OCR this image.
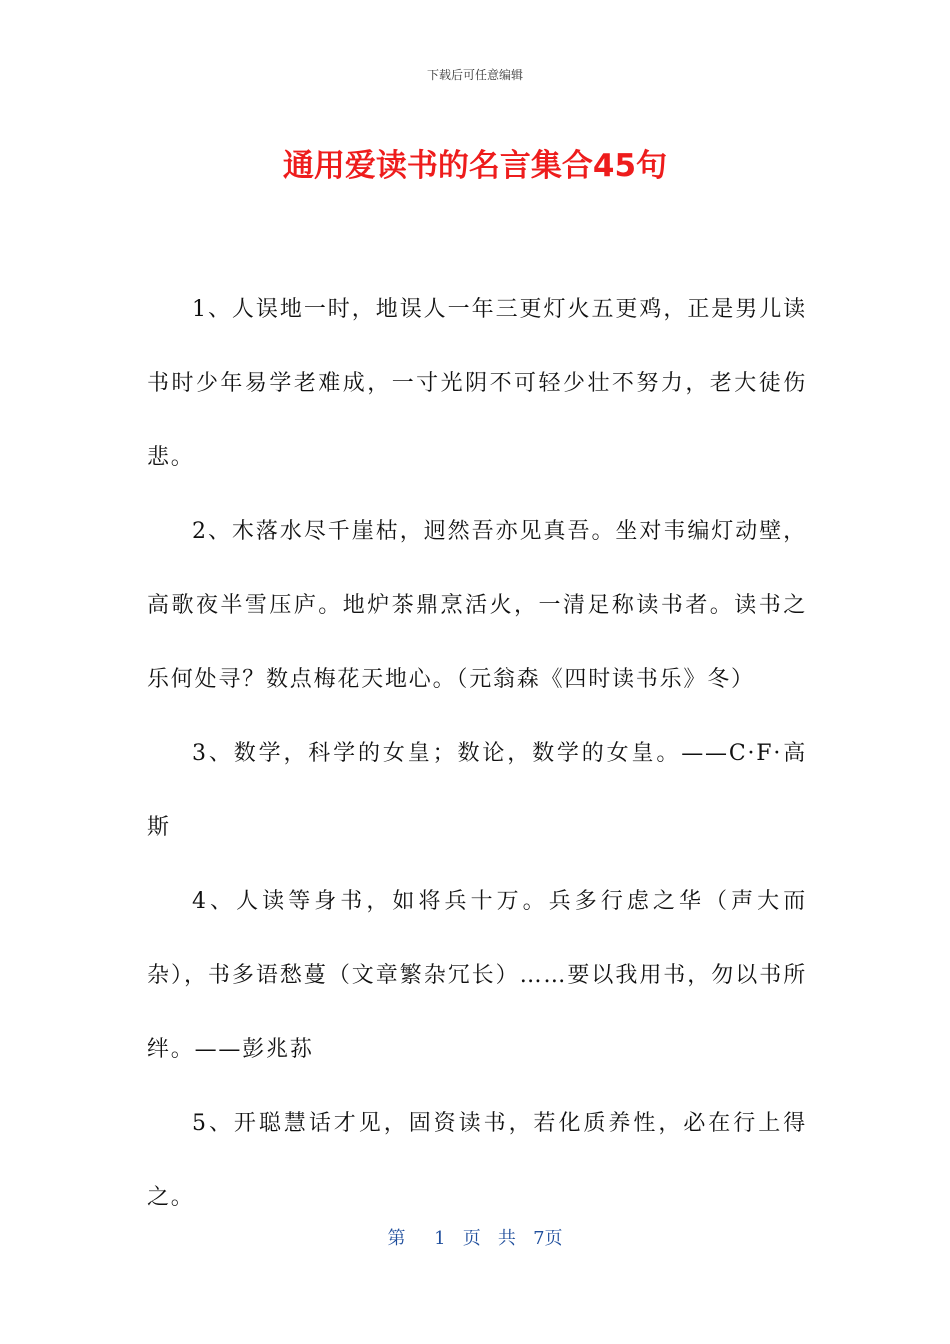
下载后可任意编辑
通用爱读书的名言集合45句

1、人误地一时，地误人一年三更灯火五更鸡，正是男儿读书时少年易学老难成，一寸光阴不可轻少壮不努力，老大徒伤悲。

2、木落水尽千崖枯，迥然吾亦见真吾。坐对韦编灯动壁，高歌夜半雪压庐。地炉茶鼎烹活火，一清足称读书者。读书之乐何处寻？数点梅花天地心。（元翁森《四时读书乐》冬）

3、数学，科学的女皇；数论，数学的女皇。——C·F·高斯

4、人读等身书，如将兵十万。兵多行虑之华（声大而杂），书多语愁蔓（文章繁杂冗长）……要以我用书，勿以书所绊。——彭兆荪

5、开聪慧话才见，固资读书，若化质养性，必在行上得之。

第 1 页 共 7页
